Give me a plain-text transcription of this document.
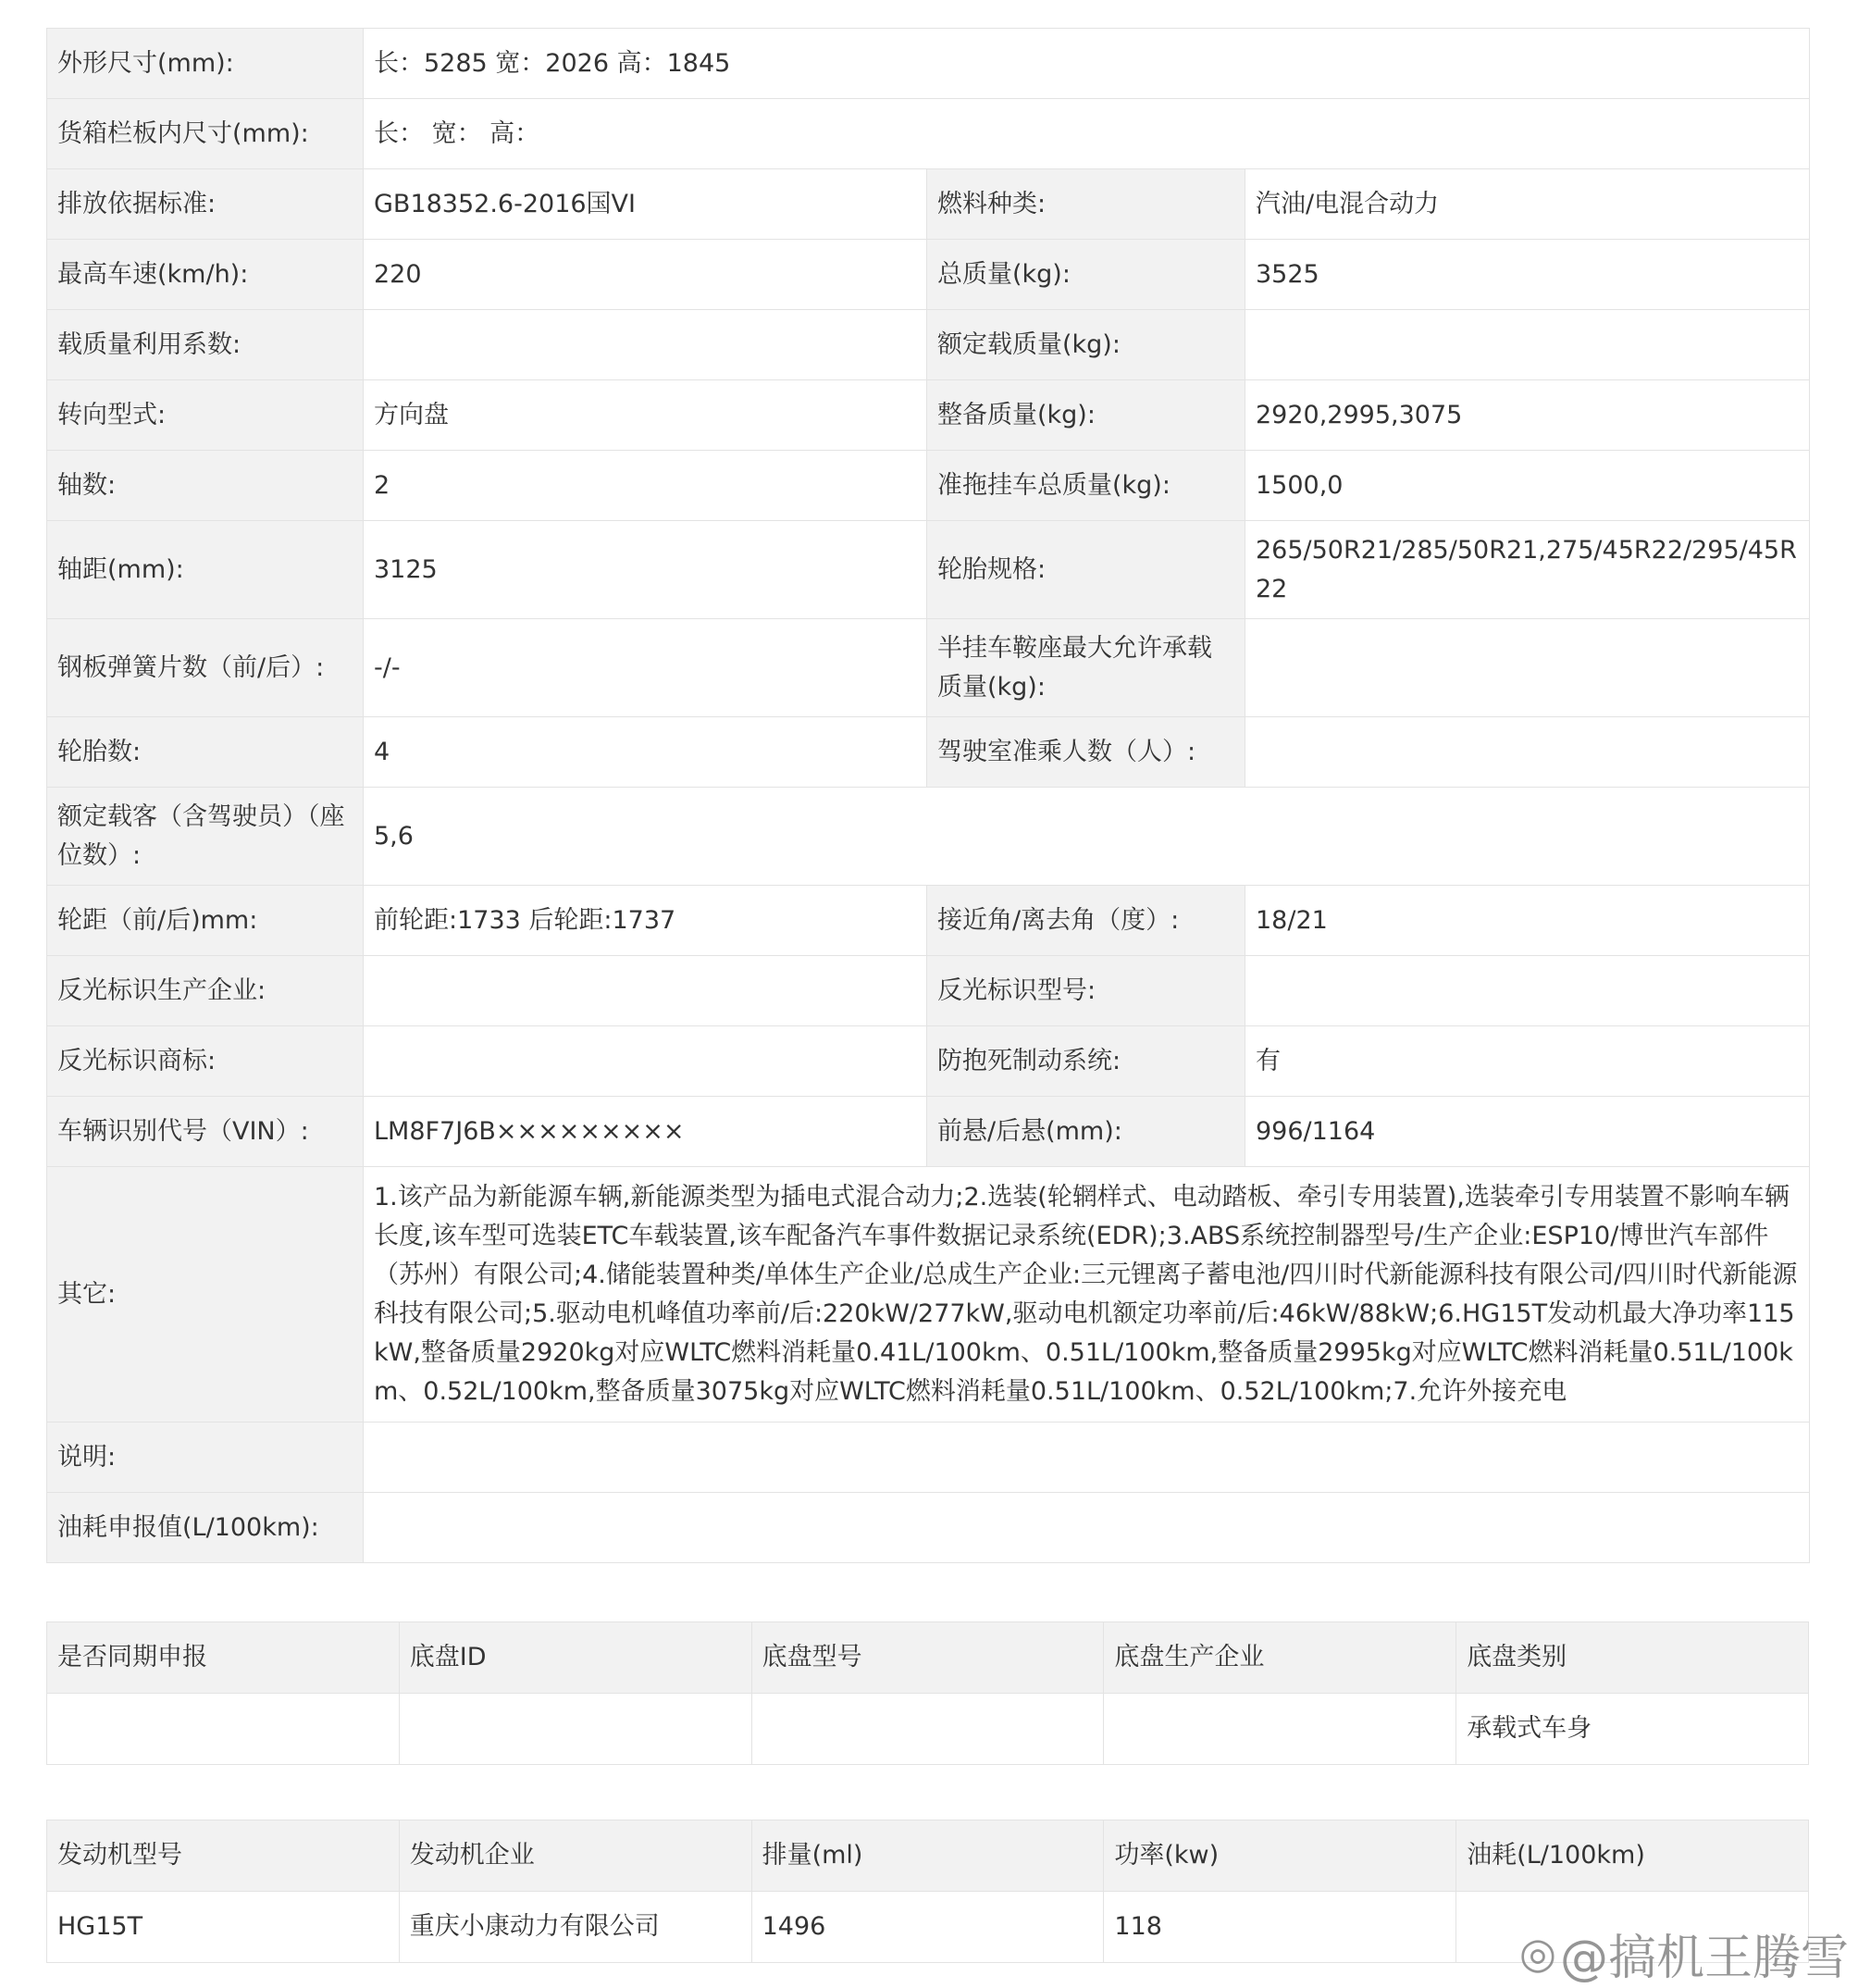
外形尺寸(mm):	长：5285 宽：2026 高：1845		
货箱栏板内尺寸(mm):	长： 宽： 高：		
排放依据标准:	GB18352.6-2016国VI	燃料种类:	汽油/电混合动力
最高车速(km/h):	220	总质量(kg):	3525
载质量利用系数:		额定载质量(kg):	
转向型式:	方向盘	整备质量(kg):	2920,2995,3075
轴数:	2	准拖挂车总质量(kg):	1500,0
轴距(mm):	3125	轮胎规格:	265/50R21/285/50R21,275/45R22/295/45R22
钢板弹簧片数（前/后）:	-/-	半挂车鞍座最大允许承载质量(kg):	
轮胎数:	4	驾驶室准乘人数（人）:	
额定载客（含驾驶员）（座位数）:	5,6		
轮距（前/后)mm:	前轮距:1733 后轮距:1737	接近角/离去角（度）:	18/21
反光标识生产企业:		反光标识型号:	
反光标识商标:		防抱死制动系统:	有
车辆识别代号（VIN）:	LM8F7J6B×××××××××	前悬/后悬(mm):	996/1164
其它:	1.该产品为新能源车辆,新能源类型为插电式混合动力;2.选装(轮辋样式、电动踏板、牵引专用装置),选装牵引专用装置不影响车辆长度,该车型可选装ETC车载装置,该车配备汽车事件数据记录系统(EDR);3.ABS系统控制器型号/生产企业:ESP10/博世汽车部件（苏州）有限公司;4.储能装置种类/单体生产企业/总成生产企业:三元锂离子蓄电池/四川时代新能源科技有限公司/四川时代新能源科技有限公司;5.驱动电机峰值功率前/后:220kW/277kW,驱动电机额定功率前/后:46kW/88kW;6.HG15T发动机最大净功率115kW,整备质量2920kg对应WLTC燃料消耗量0.41L/100km、0.51L/100km,整备质量2995kg对应WLTC燃料消耗量0.51L/100km、0.52L/100km,整备质量3075kg对应WLTC燃料消耗量0.51L/100km、0.52L/100km;7.允许外接充电		
说明:			
油耗申报值(L/100km):			
是否同期申报	底盘ID	底盘型号	底盘生产企业	底盘类别
				承载式车身
发动机型号	发动机企业	排量(ml)	功率(kw)	油耗(L/100km)
HG15T	重庆小康动力有限公司	1496	118	
◎ @搞机王腾雪
